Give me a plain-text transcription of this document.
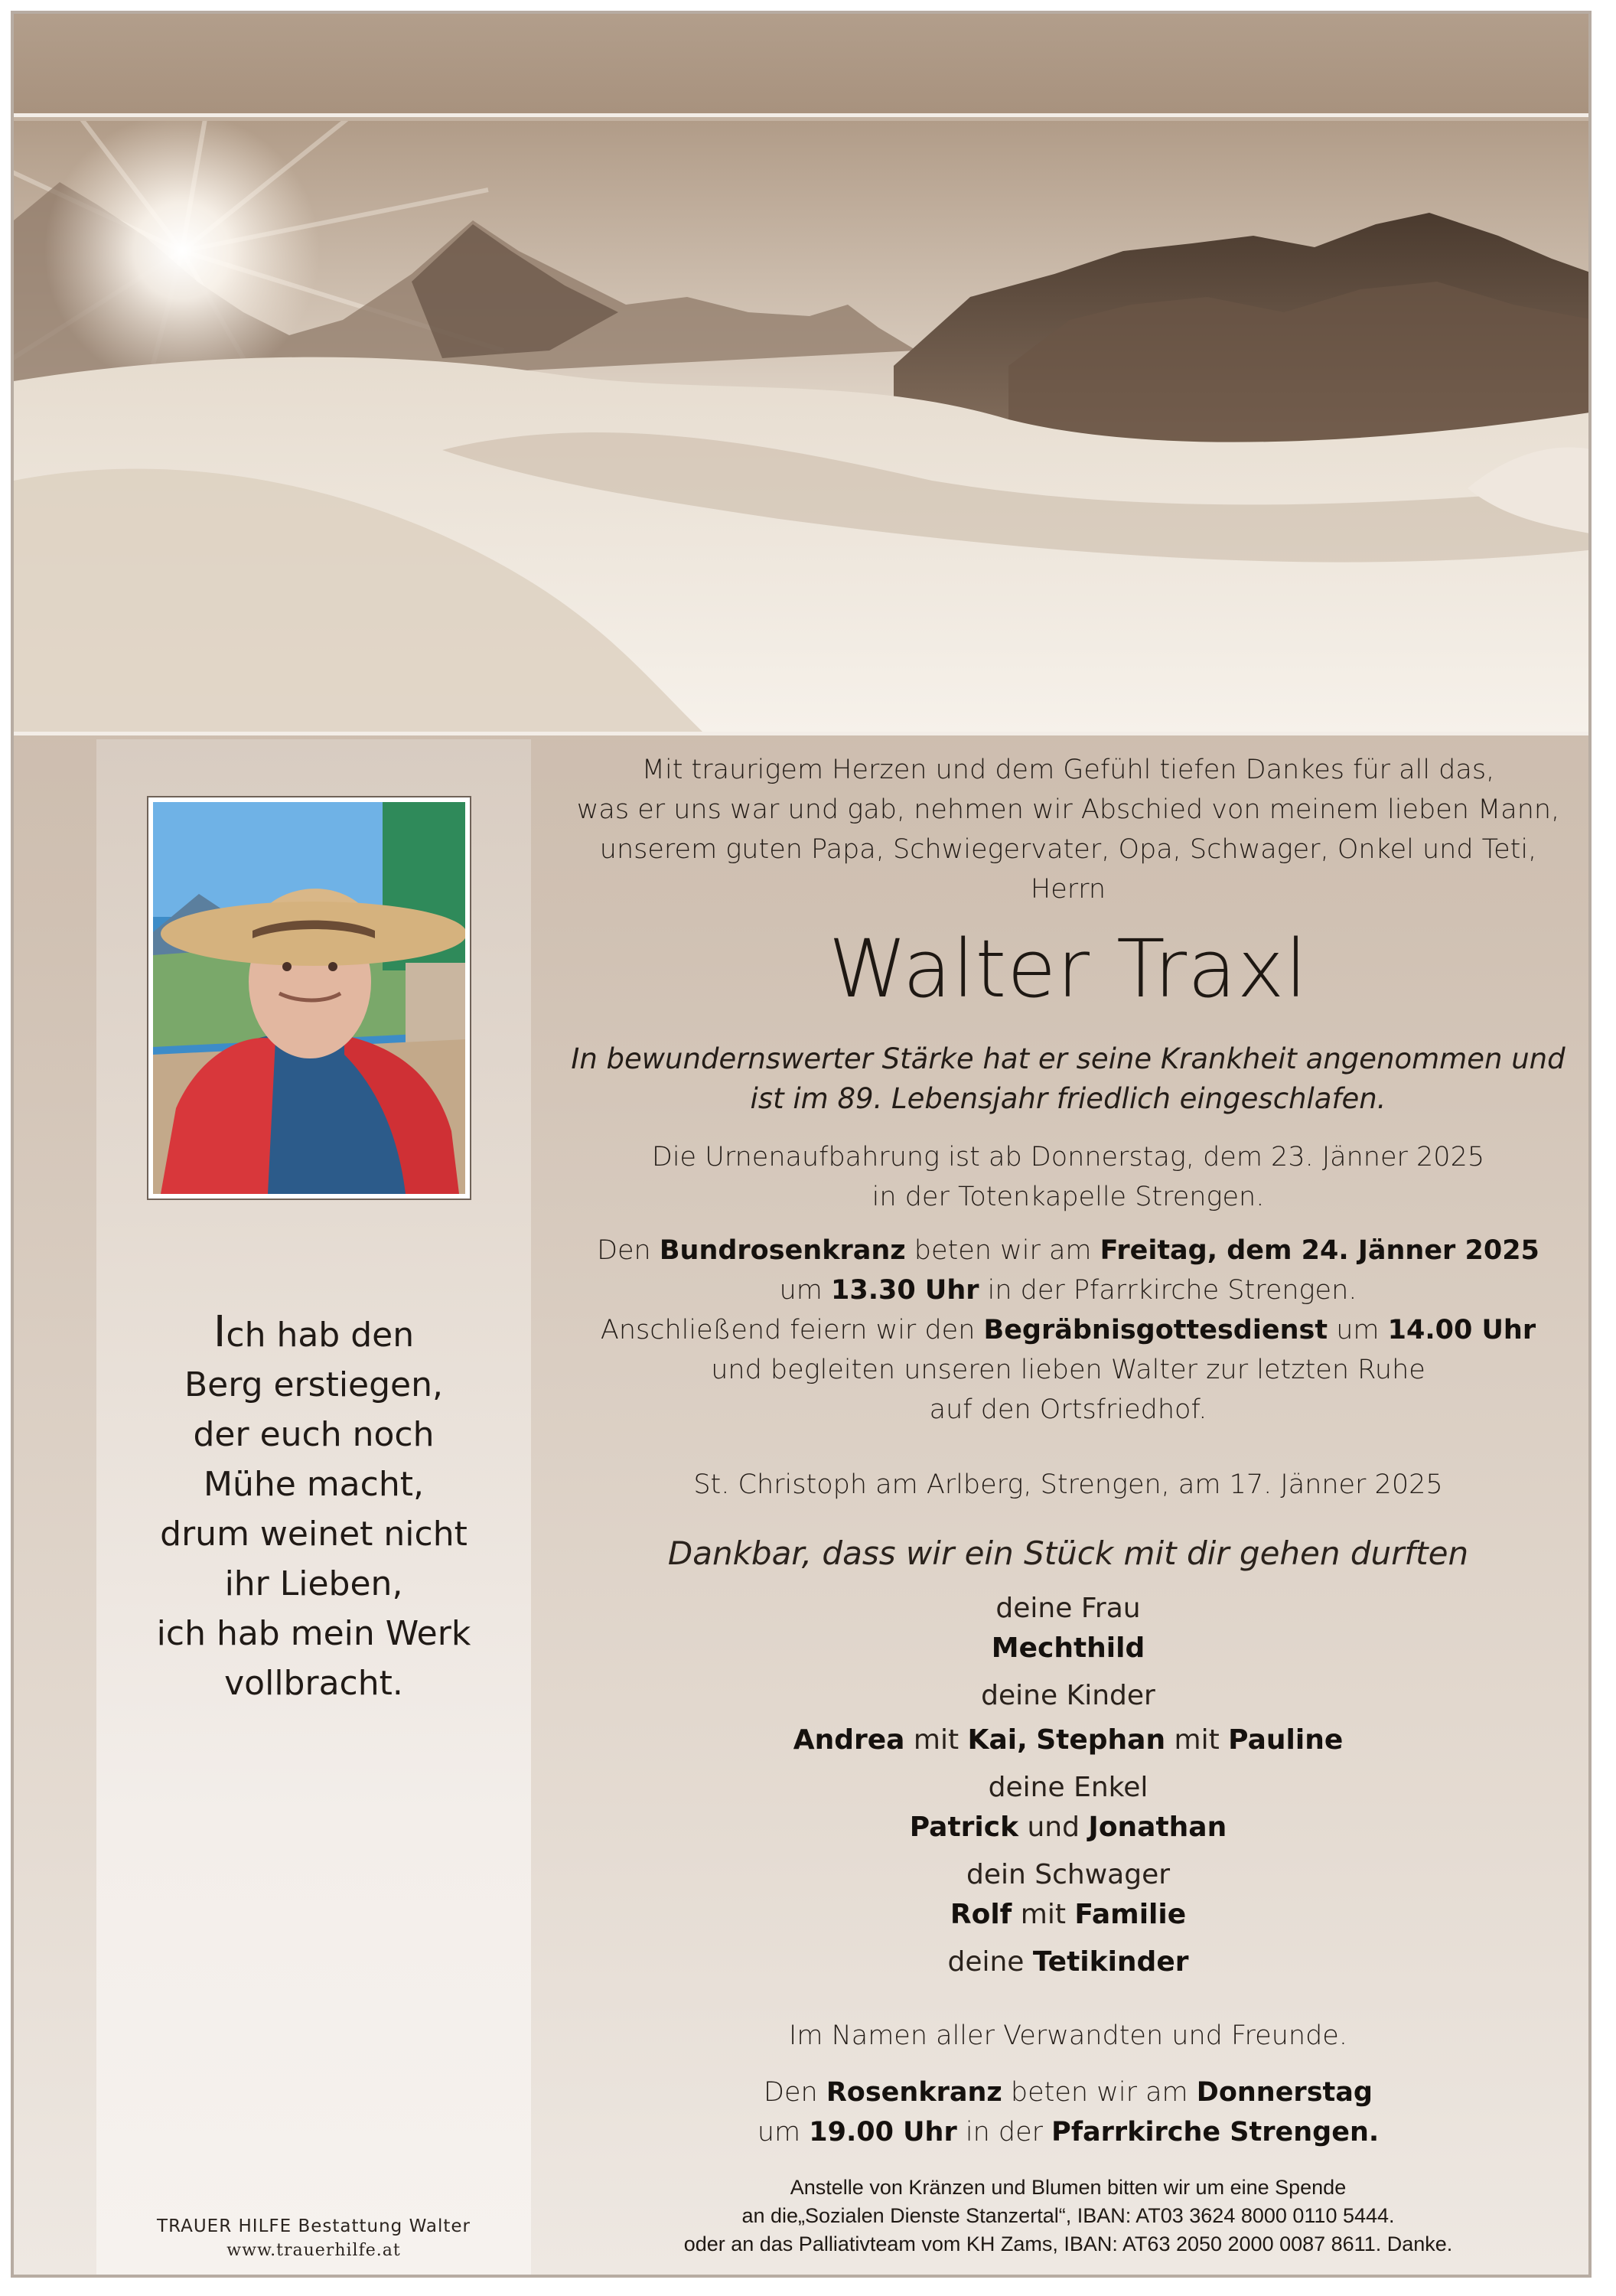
Ich hab den
Berg erstiegen,
der euch noch
Mühe macht,
drum weinet nicht
ihr Lieben,
ich hab mein Werk
vollbracht.
TRAUER HILFE Bestattung Walter
www.trauerhilfe.at
Mit traurigem Herzen und dem Gefühl tiefen Dankes für all das,
was er uns war und gab, nehmen wir Abschied von meinem lieben Mann,
unserem guten Papa, Schwiegervater, Opa, Schwager, Onkel und Teti,
Herrn
Walter Traxl
In bewundernswerter Stärke hat er seine Krankheit angenommen und
ist im 89. Lebensjahr friedlich eingeschlafen.
Die Urnenaufbahrung ist ab Donnerstag, dem 23. Jänner 2025
in der Totenkapelle Strengen.
Den Bundrosenkranz beten wir am Freitag, dem 24. Jänner 2025
um 13.30 Uhr in der Pfarrkirche Strengen.
Anschließend feiern wir den Begräbnisgottesdienst um 14.00 Uhr
und begleiten unseren lieben Walter zur letzten Ruhe
auf den Ortsfriedhof.
St. Christoph am Arlberg, Strengen, am 17. Jänner 2025
Dankbar, dass wir ein Stück mit dir gehen durften
deine Frau
Mechthild
deine Kinder
Andrea mit Kai, Stephan mit Pauline
deine Enkel
Patrick und Jonathan
dein Schwager
Rolf mit Familie
deine Tetikinder
Im Namen aller Verwandten und Freunde.
Den Rosenkranz beten wir am Donnerstag
um 19.00 Uhr in der Pfarrkirche Strengen.
Anstelle von Kränzen und Blumen bitten wir um eine Spende
an die„Sozialen Dienste Stanzertal“, IBAN: AT03 3624 8000 0110 5444.
oder an das Palliativteam vom KH Zams, IBAN: AT63 2050 2000 0087 8611. Danke.
